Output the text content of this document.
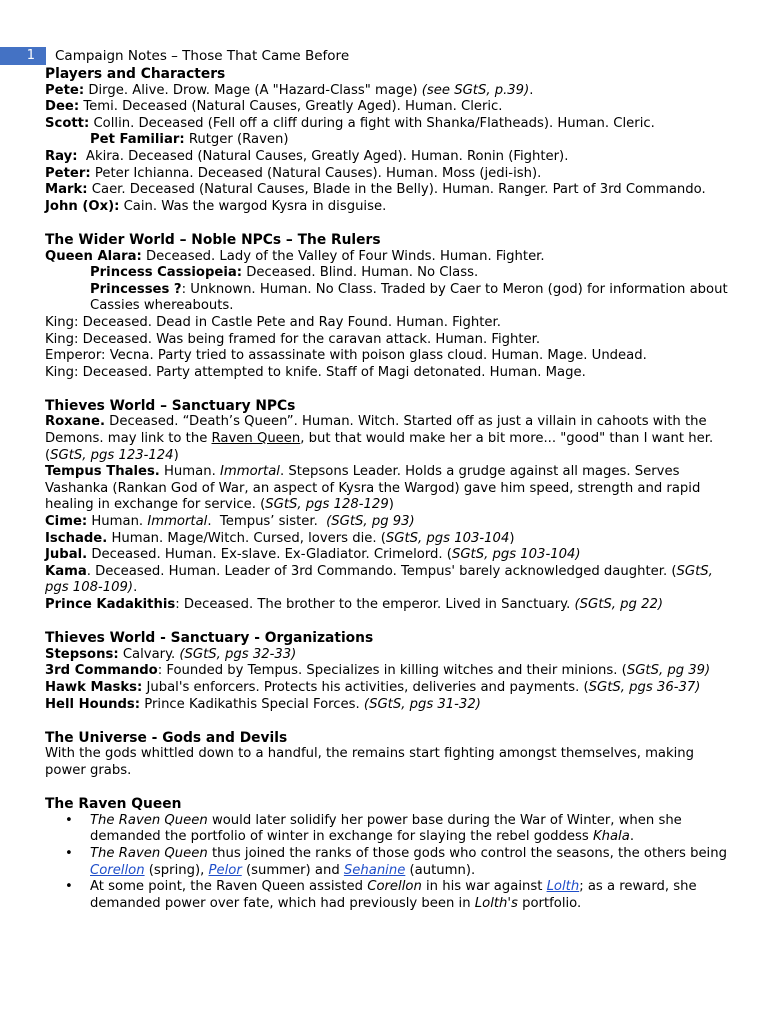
1	Campaign Notes – Those That Came Before
Players and Characters
Pete: Dirge. Alive. Drow. Mage (A "Hazard-Class" mage) (see SGtS, p.39).
Dee: Temi. Deceased (Natural Causes, Greatly Aged). Human. Cleric.
Scott: Collin. Deceased (Fell off a cliff during a fight with Shanka/Flatheads). Human. Cleric.
Pet Familiar: Rutger (Raven)
Ray: Akira. Deceased (Natural Causes, Greatly Aged). Human. Ronin (Fighter).
Peter: Peter Ichianna. Deceased (Natural Causes). Human. Moss (jedi-ish).
Mark: Caer. Deceased (Natural Causes, Blade in the Belly). Human. Ranger. Part of 3rd Commando.
John (Ox): Cain. Was the wargod Kysra in disguise.
The Wider World – Noble NPCs – The Rulers
Queen Alara: Deceased. Lady of the Valley of Four Winds. Human. Fighter.
Princess Cassiopeia: Deceased. Blind. Human. No Class.
Princesses ?: Unknown. Human. No Class. Traded by Caer to Meron (god) for information about Cassies whereabouts.
King: Deceased. Dead in Castle Pete and Ray Found. Human. Fighter.
King: Deceased. Was being framed for the caravan attack. Human. Fighter.
Emperor: Vecna. Party tried to assassinate with poison glass cloud. Human. Mage. Undead.
King: Deceased. Party attempted to knife. Staff of Magi detonated. Human. Mage.
Thieves World – Sanctuary NPCs
Roxane. Deceased. “Death’s Queen”. Human. Witch. Started off as just a villain in cahoots with the Demons. may link to the Raven Queen, but that would make her a bit more... "good" than I want her. (SGtS, pgs 123-124)
Tempus Thales. Human. Immortal. Stepsons Leader. Holds a grudge against all mages. Serves Vashanka (Rankan God of War, an aspect of Kysra the Wargod) gave him speed, strength and rapid healing in exchange for service. (SGtS, pgs 128-129)
Cime: Human. Immortal.  Tempus’ sister.  (SGtS, pg 93)
Ischade. Human. Mage/Witch. Cursed, lovers die. (SGtS, pgs 103-104)
Jubal. Deceased. Human. Ex-slave. Ex-Gladiator. Crimelord. (SGtS, pgs 103-104)
Kama. Deceased. Human. Leader of 3rd Commando. Tempus' barely acknowledged daughter. (SGtS, pgs 108-109).
Prince Kadakithis: Deceased. The brother to the emperor. Lived in Sanctuary. (SGtS, pg 22)
Thieves World - Sanctuary - Organizations
Stepsons: Calvary. (SGtS, pgs 32-33)
3rd Commando: Founded by Tempus. Specializes in killing witches and their minions. (SGtS, pg 39)
Hawk Masks: Jubal's enforcers. Protects his activities, deliveries and payments. (SGtS, pgs 36-37)
Hell Hounds: Prince Kadikathis Special Forces. (SGtS, pgs 31-32)
The Universe - Gods and Devils
With the gods whittled down to a handful, the remains start fighting amongst themselves, making power grabs.
The Raven Queen
• The Raven Queen would later solidify her power base during the War of Winter, when she demanded the portfolio of winter in exchange for slaying the rebel goddess Khala.
• The Raven Queen thus joined the ranks of those gods who control the seasons, the others being Corellon (spring), Pelor (summer) and Sehanine (autumn).
• At some point, the Raven Queen assisted Corellon in his war against Lolth; as a reward, she demanded power over fate, which had previously been in Lolth's portfolio.
